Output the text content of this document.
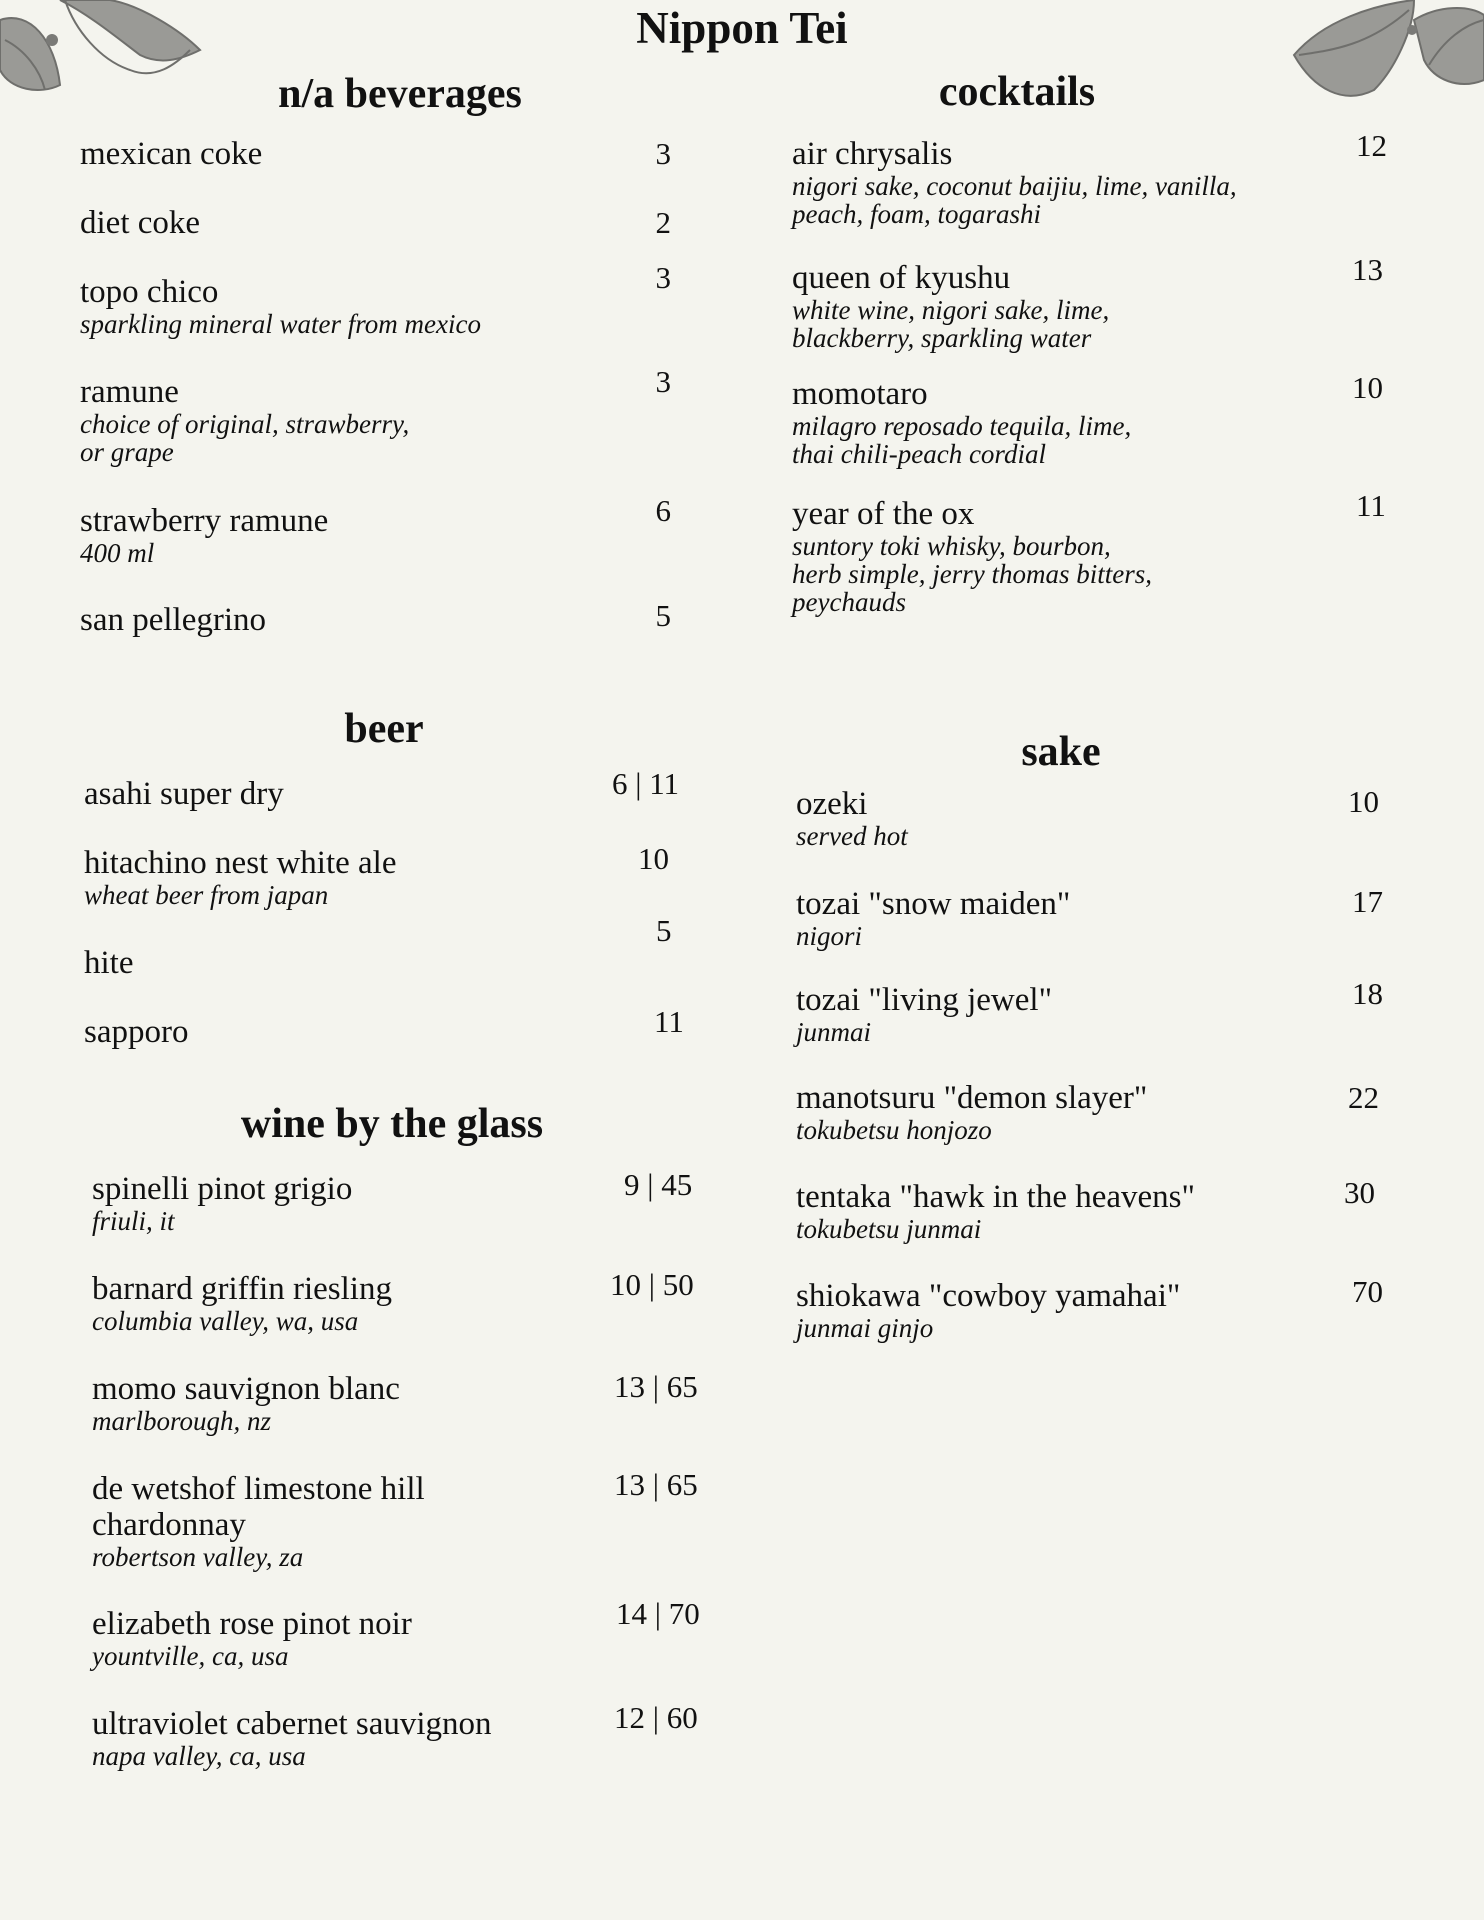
Nippon Tei
n/a beverages
mexican coke	3
diet coke	2
topo chico
sparkling mineral water from mexico
3
ramune
choice of original, strawberry,
or grape
3
strawberry ramune
400 ml
6
san pellegrino	5
cocktails
air chrysalis
nigori sake, coconut baijiu, lime, vanilla,
peach, foam, togarashi
12
queen of kyushu
white wine, nigori sake, lime,
blackberry, sparkling water
13
momotaro
milagro reposado tequila, lime,
thai chili-peach cordial
10
year of the ox
suntory toki whisky, bourbon,
herb simple, jerry thomas bitters,
peychauds
11
beer
asahi super dry	6 | 11
hitachino nest white ale
wheat beer from japan
10
hite
5
sapporo	11
wine by the glass
spinelli pinot grigio
friuli, it
9 | 45
barnard griffin riesling
columbia valley, wa, usa
10 | 50
momo sauvignon blanc
marlborough, nz
13 | 65
de wetshof limestone hill
chardonnay
robertson valley, za
13 | 65
elizabeth rose pinot noir
yountville, ca, usa
14 | 70
ultraviolet cabernet sauvignon
napa valley, ca, usa
12 | 60
sake
ozeki
served hot
10
tozai "snow maiden"
nigori
17
tozai "living jewel"
junmai
18
manotsuru "demon slayer"
tokubetsu honjozo
22
tentaka "hawk in the heavens"
tokubetsu junmai
30
shiokawa "cowboy yamahai"
junmai ginjo
70
